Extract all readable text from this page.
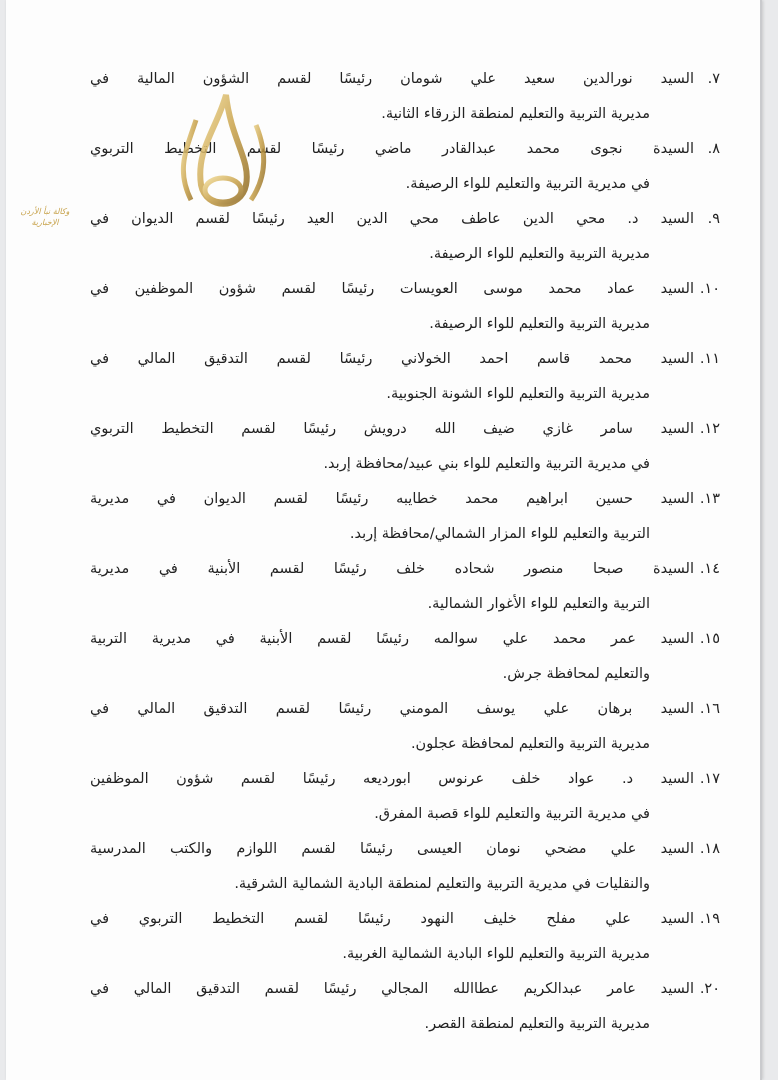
٧.
السيد نورالدين سعيد علي شومان رئيسًا لقسم الشؤون المالية في
مديرية التربية والتعليم لمنطقة الزرقاء الثانية.
٨.
السيدة نجوى محمد عبدالقادر ماضي رئيسًا لقسم التخطيط التربوي
في مديرية التربية والتعليم للواء الرصيفة.
٩.
السيد د. محي الدين عاطف محي الدين العيد رئيسًا لقسم الديوان في
مديرية التربية والتعليم للواء الرصيفة.
١٠.
السيد عماد محمد موسى العويسات رئيسًا لقسم شؤون الموظفين في
مديرية التربية والتعليم للواء الرصيفة.
١١.
السيد محمد قاسم احمد الخولاني رئيسًا لقسم التدقيق المالي في
مديرية التربية والتعليم للواء الشونة الجنوبية.
١٢.
السيد سامر غازي ضيف الله درويش رئيسًا لقسم التخطيط التربوي
في مديرية التربية والتعليم للواء بني عبيد/محافظة إربد.
١٣.
السيد حسين ابراهيم محمد خطايبه رئيسًا لقسم الديوان في مديرية
التربية والتعليم للواء المزار الشمالي/محافظة إربد.
١٤.
السيدة صبحا منصور شحاده خلف رئيسًا لقسم الأبنية في مديرية
التربية والتعليم للواء الأغوار الشمالية.
١٥.
السيد عمر محمد علي سوالمه رئيسًا لقسم الأبنية في مديرية التربية
والتعليم لمحافظة جرش.
١٦.
السيد برهان علي يوسف المومني رئيسًا لقسم التدقيق المالي في
مديرية التربية والتعليم لمحافظة عجلون.
١٧.
السيد د. عواد خلف عرنوس ابورديعه رئيسًا لقسم شؤون الموظفين
في مديرية التربية والتعليم للواء قصبة المفرق.
١٨.
السيد علي مضحي نومان العيسى رئيسًا لقسم اللوازم والكتب المدرسية
والنقليات في مديرية التربية والتعليم لمنطقة البادية الشمالية الشرقية.
١٩.
السيد علي مفلح خليف النهود رئيسًا لقسم التخطيط التربوي في
مديرية التربية والتعليم للواء البادية الشمالية الغربية.
٢٠.
السيد عامر عبدالكريم عطاالله المجالي رئيسًا لقسم التدقيق المالي في
مديرية التربية والتعليم لمنطقة القصر.
وكالة نبأ الأردن الإخبارية
